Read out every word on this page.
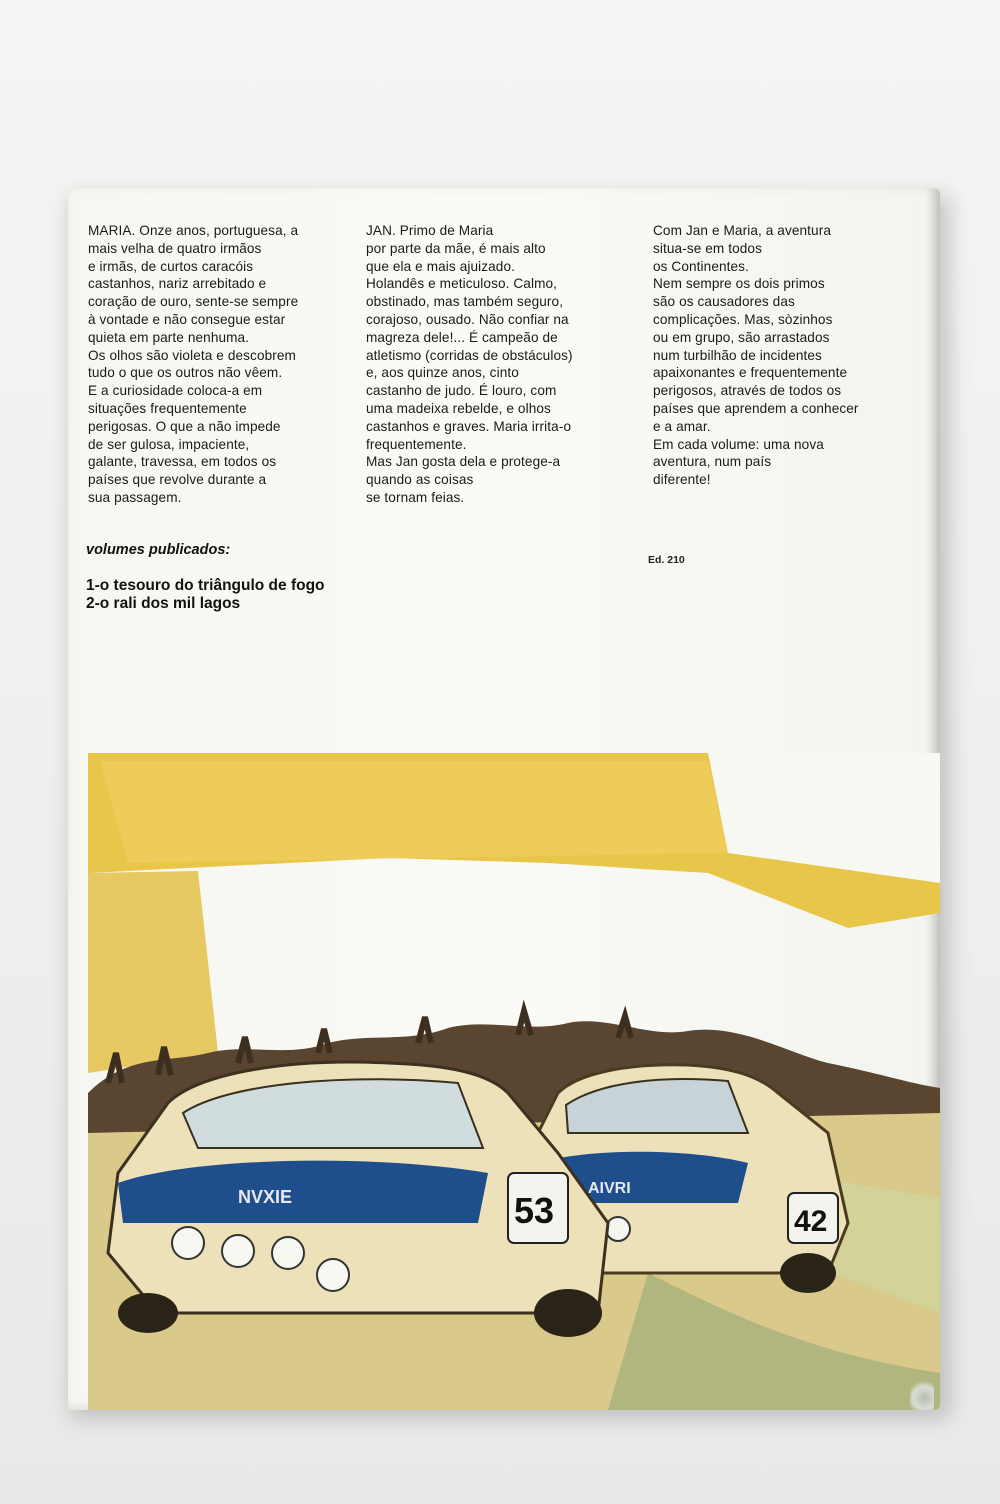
MARIA. Onze anos, portuguesa, a
mais velha de quatro irmãos
e irmãs, de curtos caracóis
castanhos, nariz arrebitado e
coração de ouro, sente-se sempre
à vontade e não consegue estar
quieta em parte nenhuma.
Os olhos são violeta e descobrem
tudo o que os outros não vêem.
E a curiosidade coloca-a em
situações frequentemente
perigosas. O que a não impede
de ser gulosa, impaciente,
galante, travessa, em todos os
países que revolve durante a
sua passagem.
JAN. Primo de Maria
por parte da mãe, é mais alto
que ela e mais ajuizado.
Holandês e meticuloso. Calmo,
obstinado, mas também seguro,
corajoso, ousado. Não confiar na
magreza dele!... É campeão de
atletismo (corridas de obstáculos)
e, aos quinze anos, cinto
castanho de judo. É louro, com
uma madeixa rebelde, e olhos
castanhos e graves. Maria irrita-o
frequentemente.
Mas Jan gosta dela e protege-a
quando as coisas
se tornam feias.
Com Jan e Maria, a aventura
situa-se em todos
os Continentes.
Nem sempre os dois primos
são os causadores das
complicações. Mas, sòzinhos
ou em grupo, são arrastados
num turbilhão de incidentes
apaixonantes e frequentemente
perigosos, através de todos os
países que aprendem a conhecer
e a amar.
Em cada volume: uma nova
aventura, num país
diferente!
volumes publicados:
1-o tesouro do triângulo de fogo
2-o rali dos mil lagos
Ed. 210
AIVRI
42
NVXIE	53
